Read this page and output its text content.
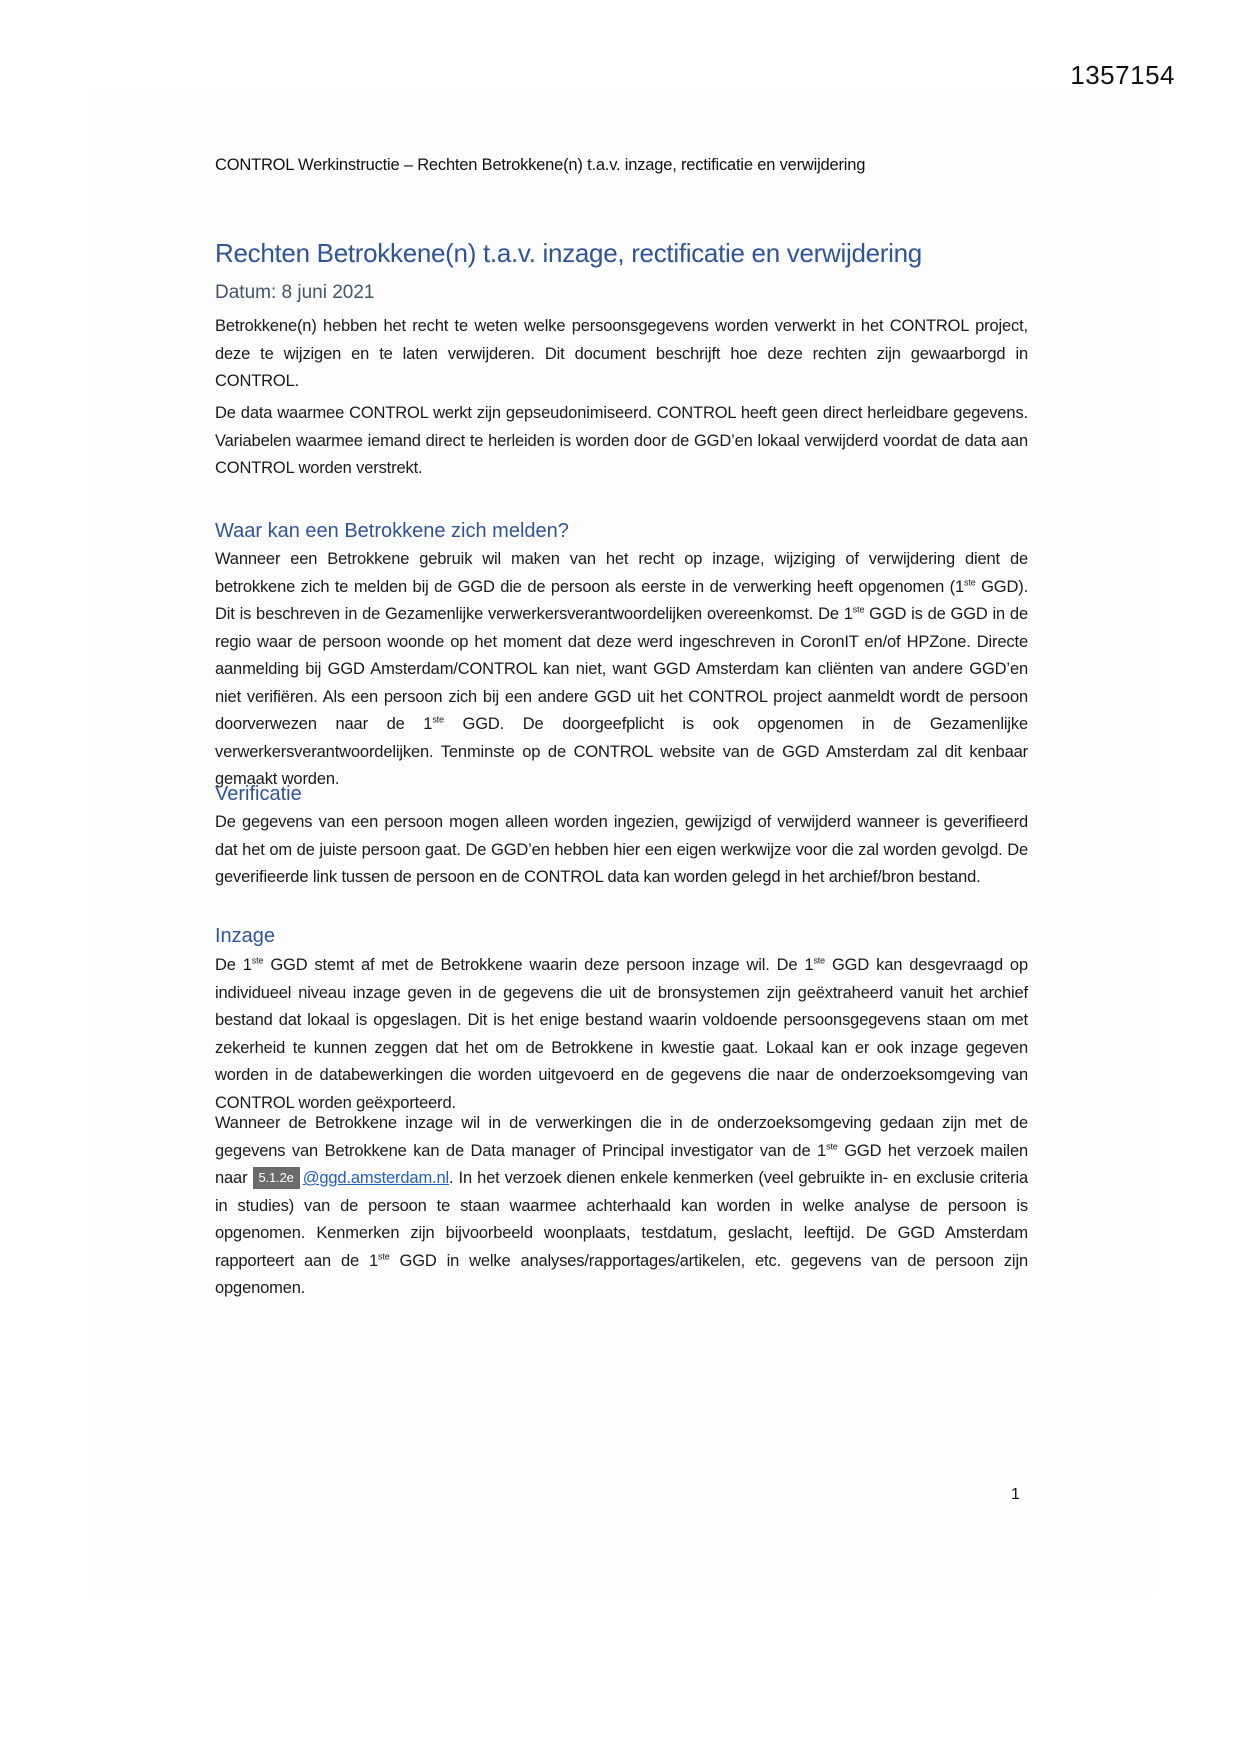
1357154
CONTROL Werkinstructie – Rechten Betrokkene(n) t.a.v. inzage, rectificatie en verwijdering
Rechten Betrokkene(n) t.a.v. inzage, rectificatie en verwijdering
Datum: 8 juni 2021

Betrokkene(n) hebben het recht te weten welke persoonsgegevens worden verwerkt in het CONTROL project, deze te wijzigen en te laten verwijderen. Dit document beschrijft hoe deze rechten zijn gewaarborgd in CONTROL.

De data waarmee CONTROL werkt zijn gepseudonimiseerd. CONTROL heeft geen direct herleidbare gegevens. Variabelen waarmee iemand direct te herleiden is worden door de GGD’en lokaal verwijderd voordat de data aan CONTROL worden verstrekt.

Waar kan een Betrokkene zich melden?

Wanneer een Betrokkene gebruik wil maken van het recht op inzage, wijziging of verwijdering dient de betrokkene zich te melden bij de GGD die de persoon als eerste in de verwerking heeft opgenomen (1ste GGD). Dit is beschreven in de Gezamenlijke verwerkersverantwoordelijken overeenkomst. De 1ste GGD is de GGD in de regio waar de persoon woonde op het moment dat deze werd ingeschreven in CoronIT en/of HPZone. Directe aanmelding bij GGD Amsterdam/CONTROL kan niet, want GGD Amsterdam kan cliënten van andere GGD’en niet verifiëren. Als een persoon zich bij een andere GGD uit het CONTROL project aanmeldt wordt de persoon doorverwezen naar de 1ste GGD. De doorgeefplicht is ook opgenomen in de Gezamenlijke verwerkersverantwoordelijken. Tenminste op de CONTROL website van de GGD Amsterdam zal dit kenbaar gemaakt worden.

Verificatie

De gegevens van een persoon mogen alleen worden ingezien, gewijzigd of verwijderd wanneer is geverifieerd dat het om de juiste persoon gaat. De GGD’en hebben hier een eigen werkwijze voor die zal worden gevolgd. De geverifieerde link tussen de persoon en de CONTROL data kan worden gelegd in het archief/bron bestand.

Inzage

De 1ste GGD stemt af met de Betrokkene waarin deze persoon inzage wil. De 1ste GGD kan desgevraagd op individueel niveau inzage geven in de gegevens die uit de bronsystemen zijn geëxtraheerd vanuit het archief bestand dat lokaal is opgeslagen. Dit is het enige bestand waarin voldoende persoonsgegevens staan om met zekerheid te kunnen zeggen dat het om de Betrokkene in kwestie gaat. Lokaal kan er ook inzage gegeven worden in de databewerkingen die worden uitgevoerd en de gegevens die naar de onderzoeksomgeving van CONTROL worden geëxporteerd.

Wanneer de Betrokkene inzage wil in de verwerkingen die in de onderzoeksomgeving gedaan zijn met de gegevens van Betrokkene kan de Data manager of Principal investigator van de 1ste GGD het verzoek mailen naar 5.1.2e @ggd.amsterdam.nl. In het verzoek dienen enkele kenmerken (veel gebruikte in- en exclusie criteria in studies) van de persoon te staan waarmee achterhaald kan worden in welke analyse de persoon is opgenomen. Kenmerken zijn bijvoorbeeld woonplaats, testdatum, geslacht, leeftijd. De GGD Amsterdam rapporteert aan de 1ste GGD in welke analyses/rapportages/artikelen, etc. gegevens van de persoon zijn opgenomen.

1
